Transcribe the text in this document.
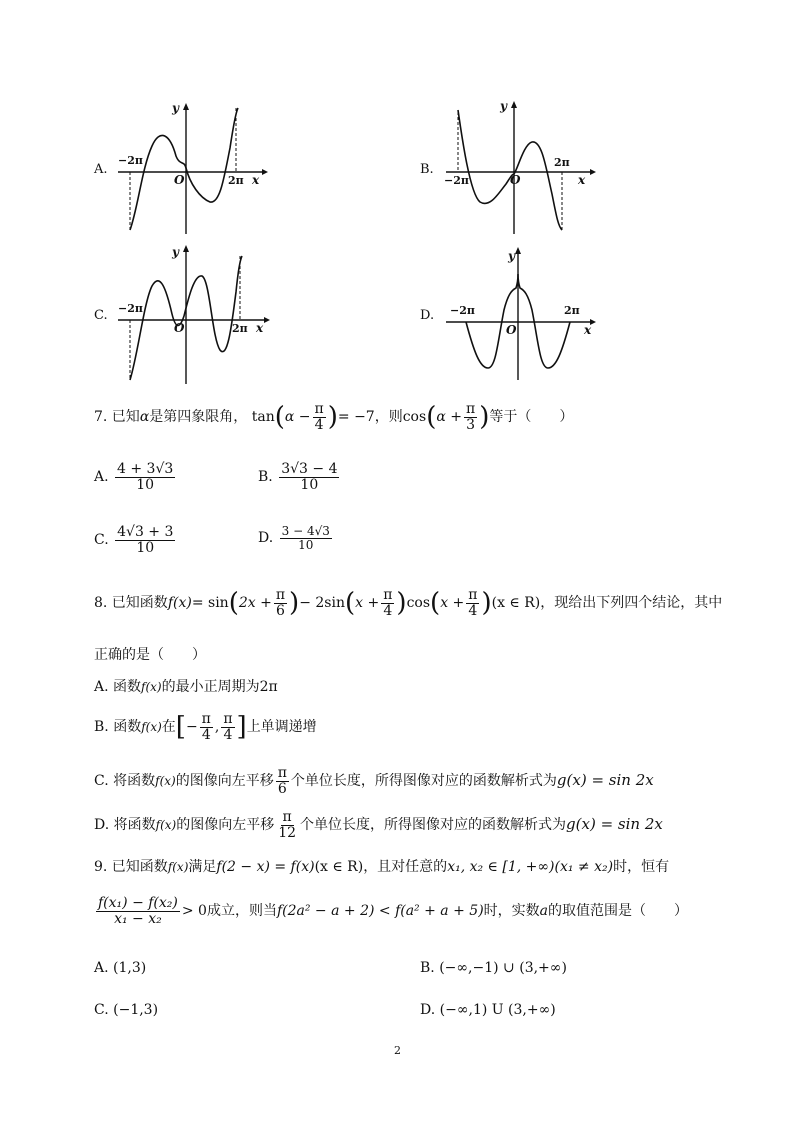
A.
−2π
2π
O	x
y
B.
−2π
2π
O	x
y
C. −2π
2π
O	x
y
D. −2π	2π
O	x
y
7. 已知α是第四象限角， $\tan(\alpha - \frac{\pi}{4}$ )= −7，则$\cos(\alpha + \frac{\pi}{3}$ )等于（　　）
A. $\frac{4 + 3√3}{10}$	B. $\frac{3√3 - 4}{10}$
C. $\frac{4√3 + 3}{10}$	D. $\frac{3 - 4√3}{10}$
8. 已知函数$f(x)= \sin(2x + \frac{\pi}{6}$ )− $2\sin(x + \frac{\pi}{4} )\cos(x + \frac{\pi}{4} )(x$ ∈ R)，现给出下列四个结论，其中
正确的是（　　）
A. 函数f(x)的最小正周期为2π
B. 函数f(x)在[− $\frac{\pi}{4}$ , $\frac{\pi}{4}$ ]上单调递增
C. 将函数f(x)的图像向左平移 $\frac{\pi}{6}$ 个单位长度，所得图像对应的函数解析式为g(x) = sin 2x
D. 将函数f(x)的图像向左平移 $\frac{\pi}{12}$ 个单位长度，所得图像对应的函数解析式为g(x) = sin 2x
9. 已知函数f(x)满足f(2 − x) = f(x)(x ∈ R)，且对任意的x₁, x₂ ∈ [1, +∞)(x₁ ≠ x₂)时，恒有
$\frac{\text{f(x₁) − f(x₂)}}{\text{x₁ − x₂}} > 0$成立，则当f(2a² − a + 2) < f(a² + a + 5)时，实数a的取值范围是（　　）
A. (1,3)	B. (−∞,−1) ∪ (3,+∞)
C. (−1,3)	D. (−∞,1) U (3,+∞)
2
